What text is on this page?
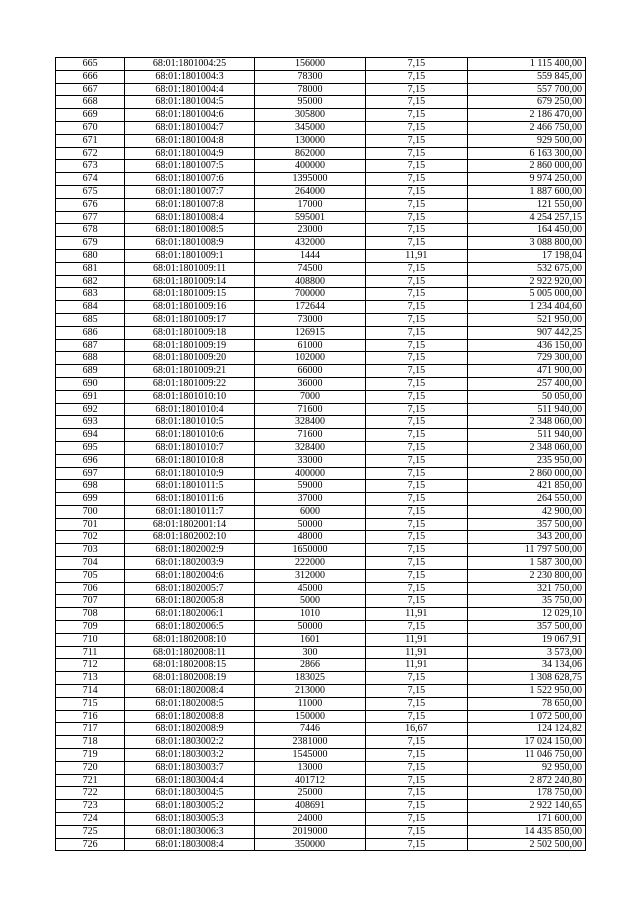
665	68:01:1801004:25	156000	7,15	1 115 400,00
666	68:01:1801004:3	78300	7,15	559 845,00
667	68:01:1801004:4	78000	7,15	557 700,00
668	68:01:1801004:5	95000	7,15	679 250,00
669	68:01:1801004:6	305800	7,15	2 186 470,00
670	68:01:1801004:7	345000	7,15	2 466 750,00
671	68:01:1801004:8	130000	7,15	929 500,00
672	68:01:1801004:9	862000	7,15	6 163 300,00
673	68:01:1801007:5	400000	7,15	2 860 000,00
674	68:01:1801007:6	1395000	7,15	9 974 250,00
675	68:01:1801007:7	264000	7,15	1 887 600,00
676	68:01:1801007:8	17000	7,15	121 550,00
677	68:01:1801008:4	595001	7,15	4 254 257,15
678	68:01:1801008:5	23000	7,15	164 450,00
679	68:01:1801008:9	432000	7,15	3 088 800,00
680	68:01:1801009:1	1444	11,91	17 198,04
681	68:01:1801009:11	74500	7,15	532 675,00
682	68:01:1801009:14	408800	7,15	2 922 920,00
683	68:01:1801009:15	700000	7,15	5 005 000,00
684	68:01:1801009:16	172644	7,15	1 234 404,60
685	68:01:1801009:17	73000	7,15	521 950,00
686	68:01:1801009:18	126915	7,15	907 442,25
687	68:01:1801009:19	61000	7,15	436 150,00
688	68:01:1801009:20	102000	7,15	729 300,00
689	68:01:1801009:21	66000	7,15	471 900,00
690	68:01:1801009:22	36000	7,15	257 400,00
691	68:01:1801010:10	7000	7,15	50 050,00
692	68:01:1801010:4	71600	7,15	511 940,00
693	68:01:1801010:5	328400	7,15	2 348 060,00
694	68:01:1801010:6	71600	7,15	511 940,00
695	68:01:1801010:7	328400	7,15	2 348 060,00
696	68:01:1801010:8	33000	7,15	235 950,00
697	68:01:1801010:9	400000	7,15	2 860 000,00
698	68:01:1801011:5	59000	7,15	421 850,00
699	68:01:1801011:6	37000	7,15	264 550,00
700	68:01:1801011:7	6000	7,15	42 900,00
701	68:01:1802001:14	50000	7,15	357 500,00
702	68:01:1802002:10	48000	7,15	343 200,00
703	68:01:1802002:9	1650000	7,15	11 797 500,00
704	68:01:1802003:9	222000	7,15	1 587 300,00
705	68:01:1802004:6	312000	7,15	2 230 800,00
706	68:01:1802005:7	45000	7,15	321 750,00
707	68:01:1802005:8	5000	7,15	35 750,00
708	68:01:1802006:1	1010	11,91	12 029,10
709	68:01:1802006:5	50000	7,15	357 500,00
710	68:01:1802008:10	1601	11,91	19 067,91
711	68:01:1802008:11	300	11,91	3 573,00
712	68:01:1802008:15	2866	11,91	34 134,06
713	68:01:1802008:19	183025	7,15	1 308 628,75
714	68:01:1802008:4	213000	7,15	1 522 950,00
715	68:01:1802008:5	11000	7,15	78 650,00
716	68:01:1802008:8	150000	7,15	1 072 500,00
717	68:01:1802008:9	7446	16,67	124 124,82
718	68:01:1803002:2	2381000	7,15	17 024 150,00
719	68:01:1803003:2	1545000	7,15	11 046 750,00
720	68:01:1803003:7	13000	7,15	92 950,00
721	68:01:1803004:4	401712	7,15	2 872 240,80
722	68:01:1803004:5	25000	7,15	178 750,00
723	68:01:1803005:2	408691	7,15	2 922 140,65
724	68:01:1803005:3	24000	7,15	171 600,00
725	68:01:1803006:3	2019000	7,15	14 435 850,00
726	68:01:1803008:4	350000	7,15	2 502 500,00
